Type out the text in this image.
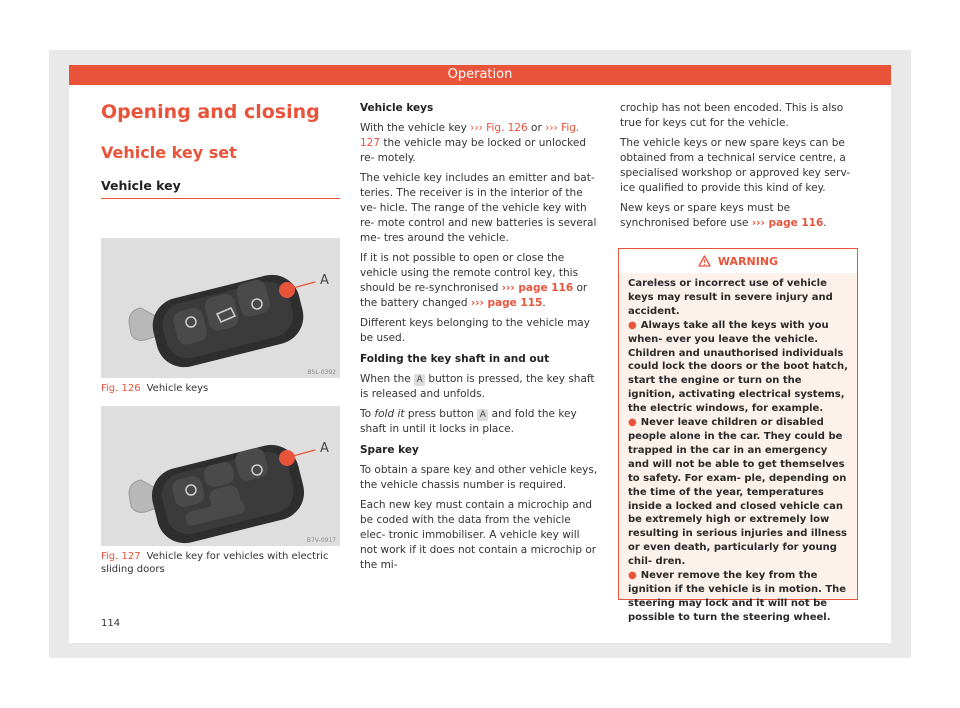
Operation
Opening and closing
Vehicle key set
Vehicle key
A
B5L-0392
Fig. 126 Vehicle keys
A
B7V-0917
Fig. 127 Vehicle key for vehicles with electric sliding doors

Vehicle keys

With the vehicle key ››› Fig. 126 or ››› Fig. 127 the vehicle may be locked or unlocked re- motely.

The vehicle key includes an emitter and bat- teries. The receiver is in the interior of the ve- hicle. The range of the vehicle key with re- mote control and new batteries is several me- tres around the vehicle.

If it is not possible to open or close the vehicle using the remote control key, this should be re-synchronised ››› page 116 or the battery changed ››› page 115.

Different keys belonging to the vehicle may be used.

Folding the key shaft in and out

When the A button is pressed, the key shaft is released and unfolds.

To fold it press button A and fold the key shaft in until it locks in place.

Spare key

To obtain a spare key and other vehicle keys, the vehicle chassis number is required.

Each new key must contain a microchip and be coded with the data from the vehicle elec- tronic immobiliser. A vehicle key will not work if it does not contain a microchip or the mi-

crochip has not been encoded. This is also true for keys cut for the vehicle.

The vehicle keys or new spare keys can be obtained from a technical service centre, a specialised workshop or approved key serv- ice qualified to provide this kind of key.

New keys or spare keys must be synchronised before use ››› page 116.

WARNING

Careless or incorrect use of vehicle keys may result in severe injury and accident.

● Always take all the keys with you when- ever you leave the vehicle. Children and unauthorised individuals could lock the doors or the boot hatch, start the engine or turn on the ignition, activating electrical systems, the electric windows, for example.

● Never leave children or disabled people alone in the car. They could be trapped in the car in an emergency and will not be able to get themselves to safety. For exam- ple, depending on the time of the year, temperatures inside a locked and closed vehicle can be extremely high or extremely low resulting in serious injuries and illness or even death, particularly for young chil- dren.

● Never remove the key from the ignition if the vehicle is in motion. The steering may lock and it will not be possible to turn the steering wheel.

114
